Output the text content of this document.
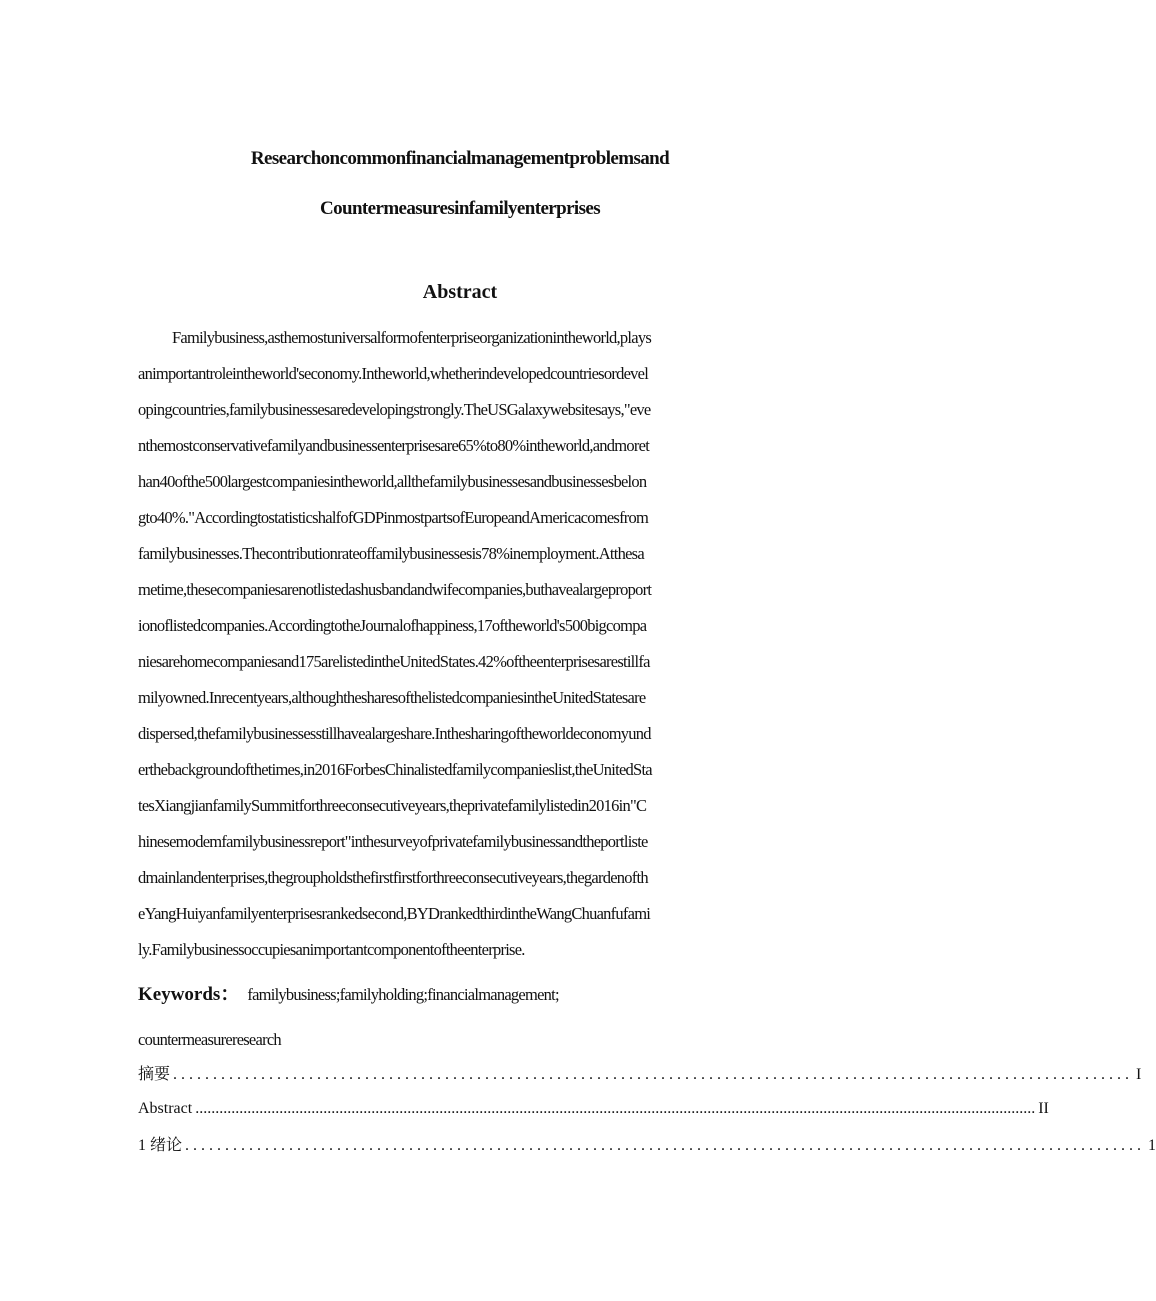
Researchoncommonfinancialmanagementproblemsand
Countermeasuresinfamilyenterprises
Abstract
Familybusiness,asthemostuniversalformofenterpriseorganizationintheworld,plays
animportantroleintheworld'seconomy.Intheworld,whetherindevelopedcountriesordevel
opingcountries,familybusinessesaredevelopingstrongly.TheUSGalaxywebsitesays,"eve
nthemostconservativefamilyandbusinessenterprisesare65%to80%intheworld,andmoret
han40ofthe500largestcompaniesintheworld,allthefamilybusinessesandbusinessesbelon
gto40%."AccordingtostatisticshalfofGDPinmostpartsofEuropeandAmericacomesfrom
familybusinesses.Thecontributionrateoffamilybusinessesis78%inemployment.Atthesa
metime,thesecompaniesarenotlistedashusbandandwifecompanies,buthavealargeproport
ionoflistedcompanies.AccordingtotheJournalofhappiness,17oftheworld's500bigcompa
niesarehomecompaniesand175arelistedintheUnitedStates.42%oftheenterprisesarestillfa
milyowned.Inrecentyears,althoughthesharesofthelistedcompaniesintheUnitedStatesare
dispersed,thefamilybusinessesstillhavealargeshare.Inthesharingoftheworldeconomyund
erthebackgroundofthetimes,in2016ForbesChinalistedfamilycompanieslist,theUnitedSta
tesXiangjianfamilySummitforthreeconsecutiveyears,theprivatefamilylistedin2016in"C
hinesemodemfamilybusinessreport"inthesurveyofprivatefamilybusinessandtheportliste
dmainlandenterprises,thegroupholdsthefirstfirstforthreeconsecutiveyears,thegardenofth
eYangHuiyanfamilyenterprisesrankedsecond,BYDrankedthirdintheWangChuanfufami
ly.Familybusinessoccupiesanimportantcomponentoftheenterprise.
Keywords： familybusiness;familyholding;financialmanagement;
countermeasureresearch
摘要 ........................................................................................................................ I
Abstract .................................................................................................................................................................................................................. II
1 绪论 ........................................................................................................................ 1
